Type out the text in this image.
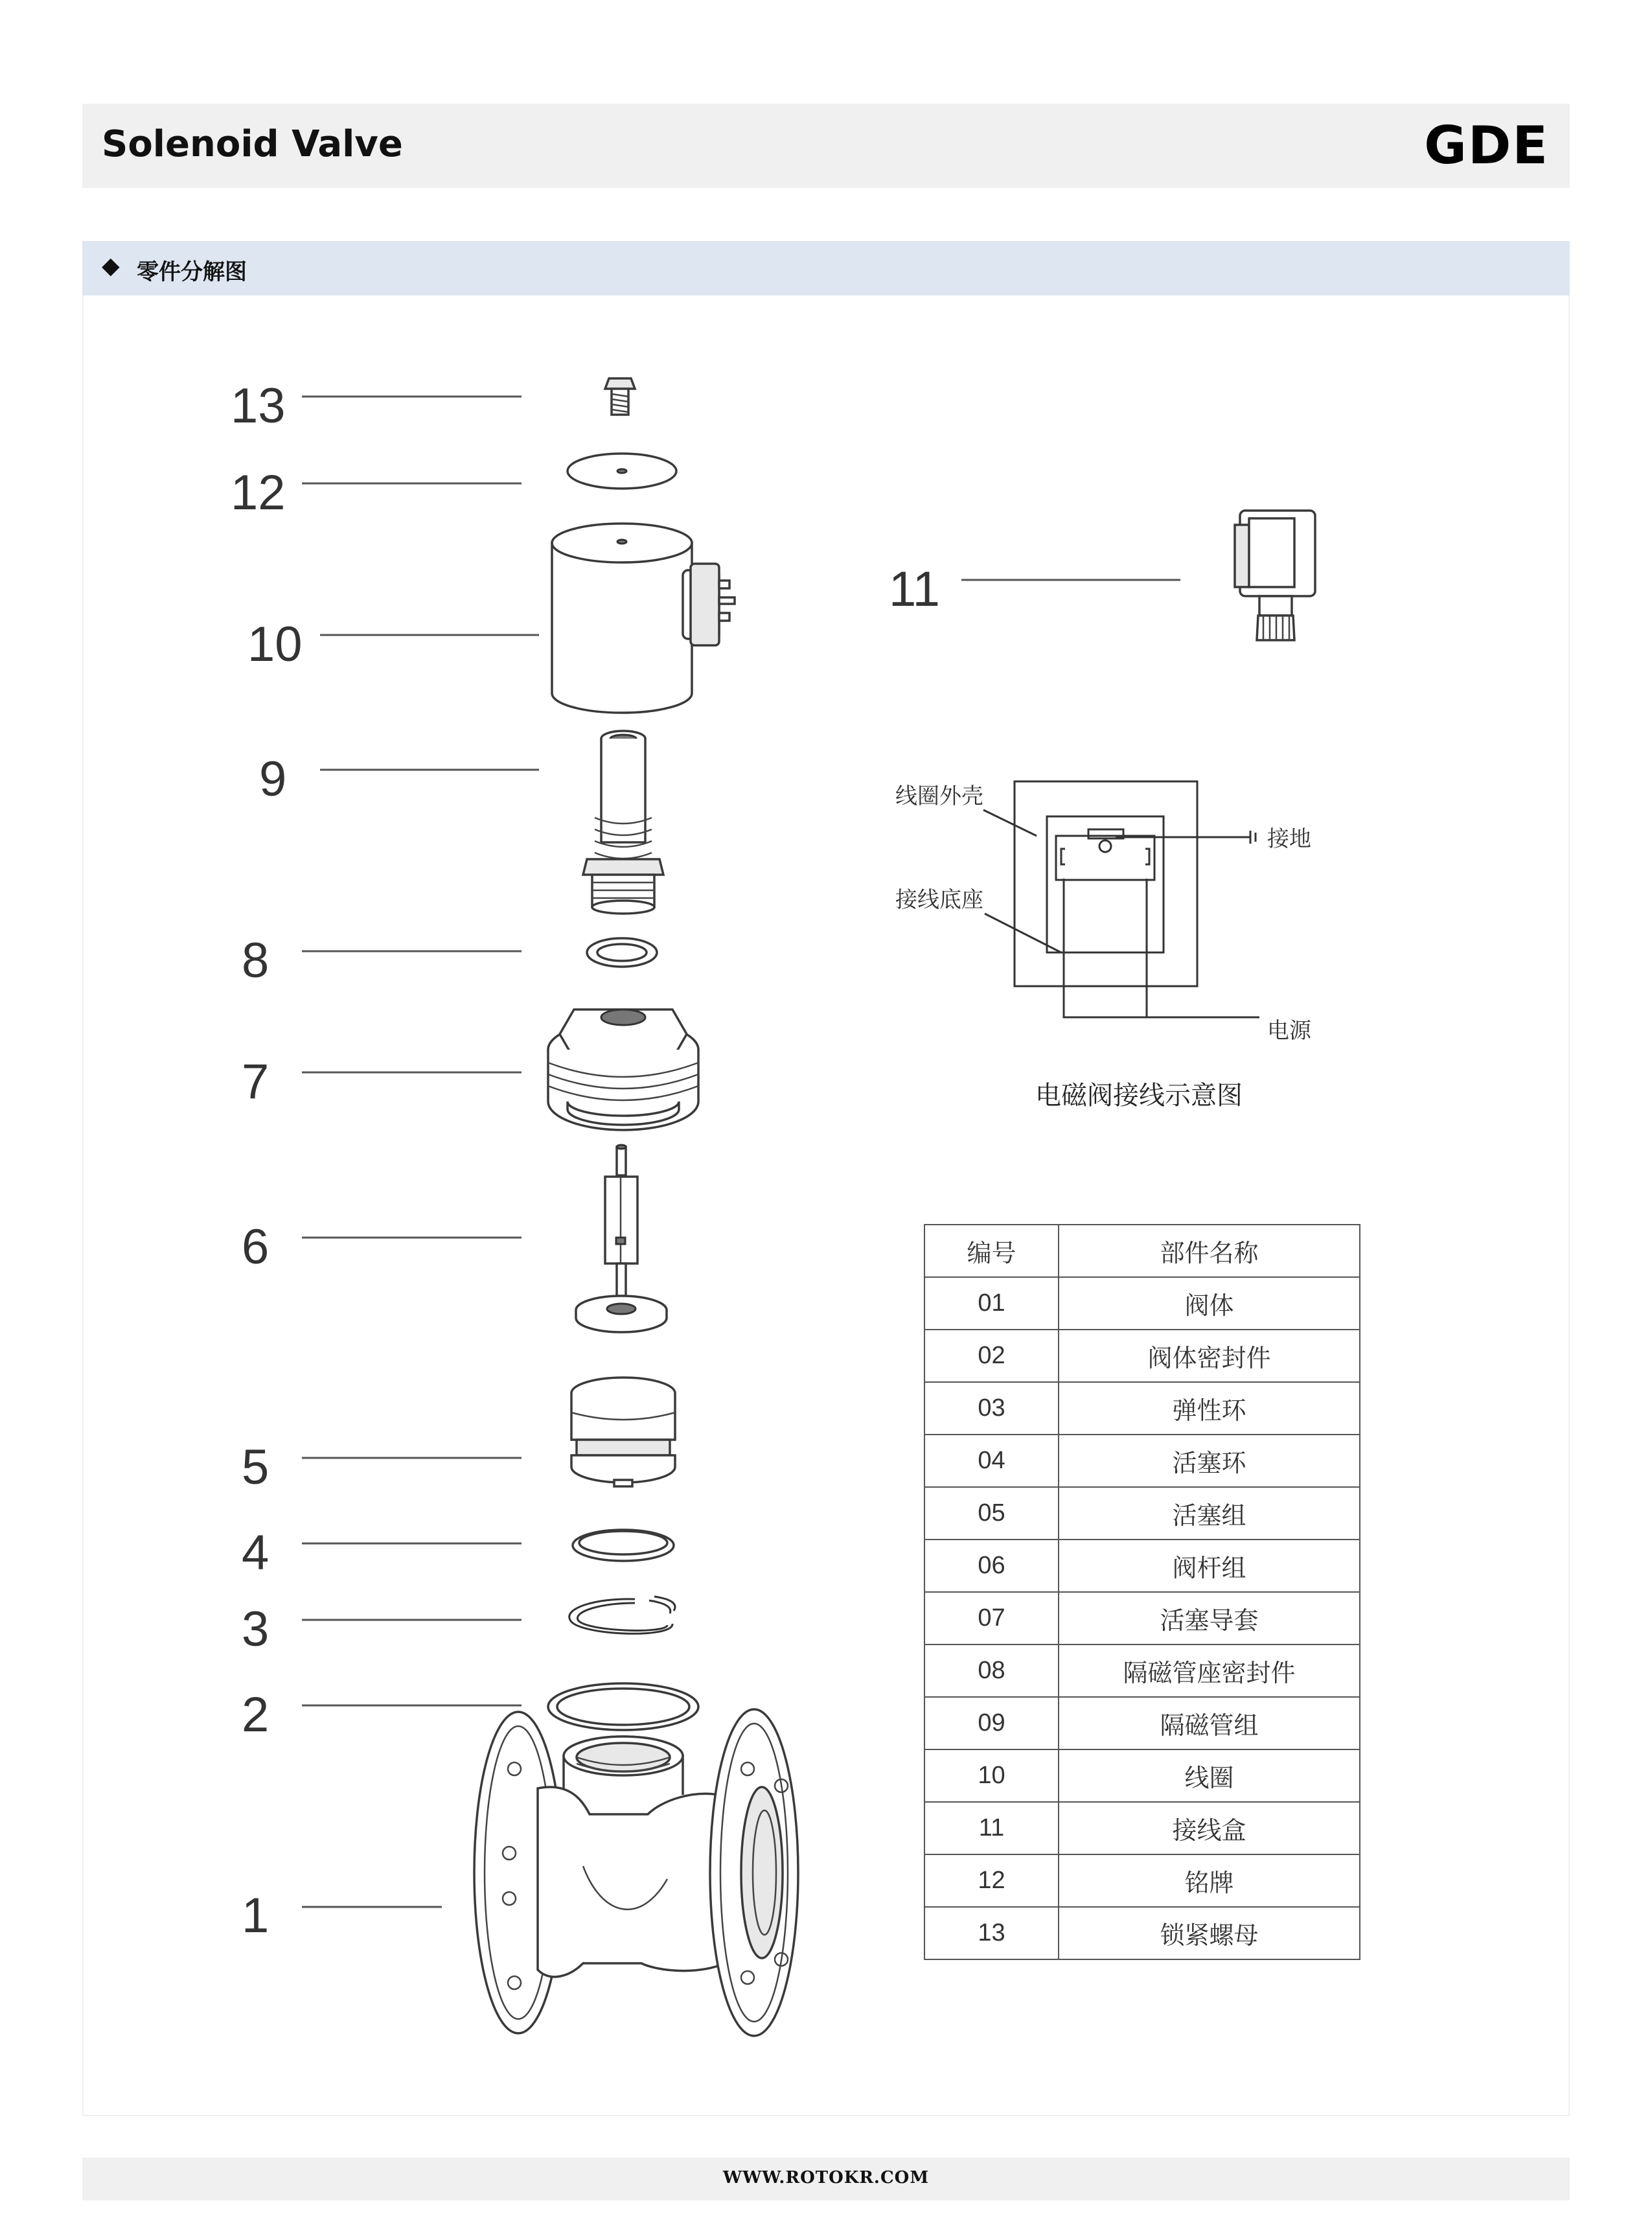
Solenoid Valve	GDE
◆ 零件分解图
13
12
10
9
8
7
6
5
4
3
2
1
11
线圈外壳
接线底座
接地
电源
电磁阀接线示意图
编号	部件名称
01	阀体
02	阀体密封件
03	弹性环
04	活塞环
05	活塞组
06	阀杆组
07	活塞导套
08	隔磁管座密封件
09	隔磁管组
10	线圈
11	接线盒
12	铭牌
13	锁紧螺母
WWW.ROTOKR.COM
